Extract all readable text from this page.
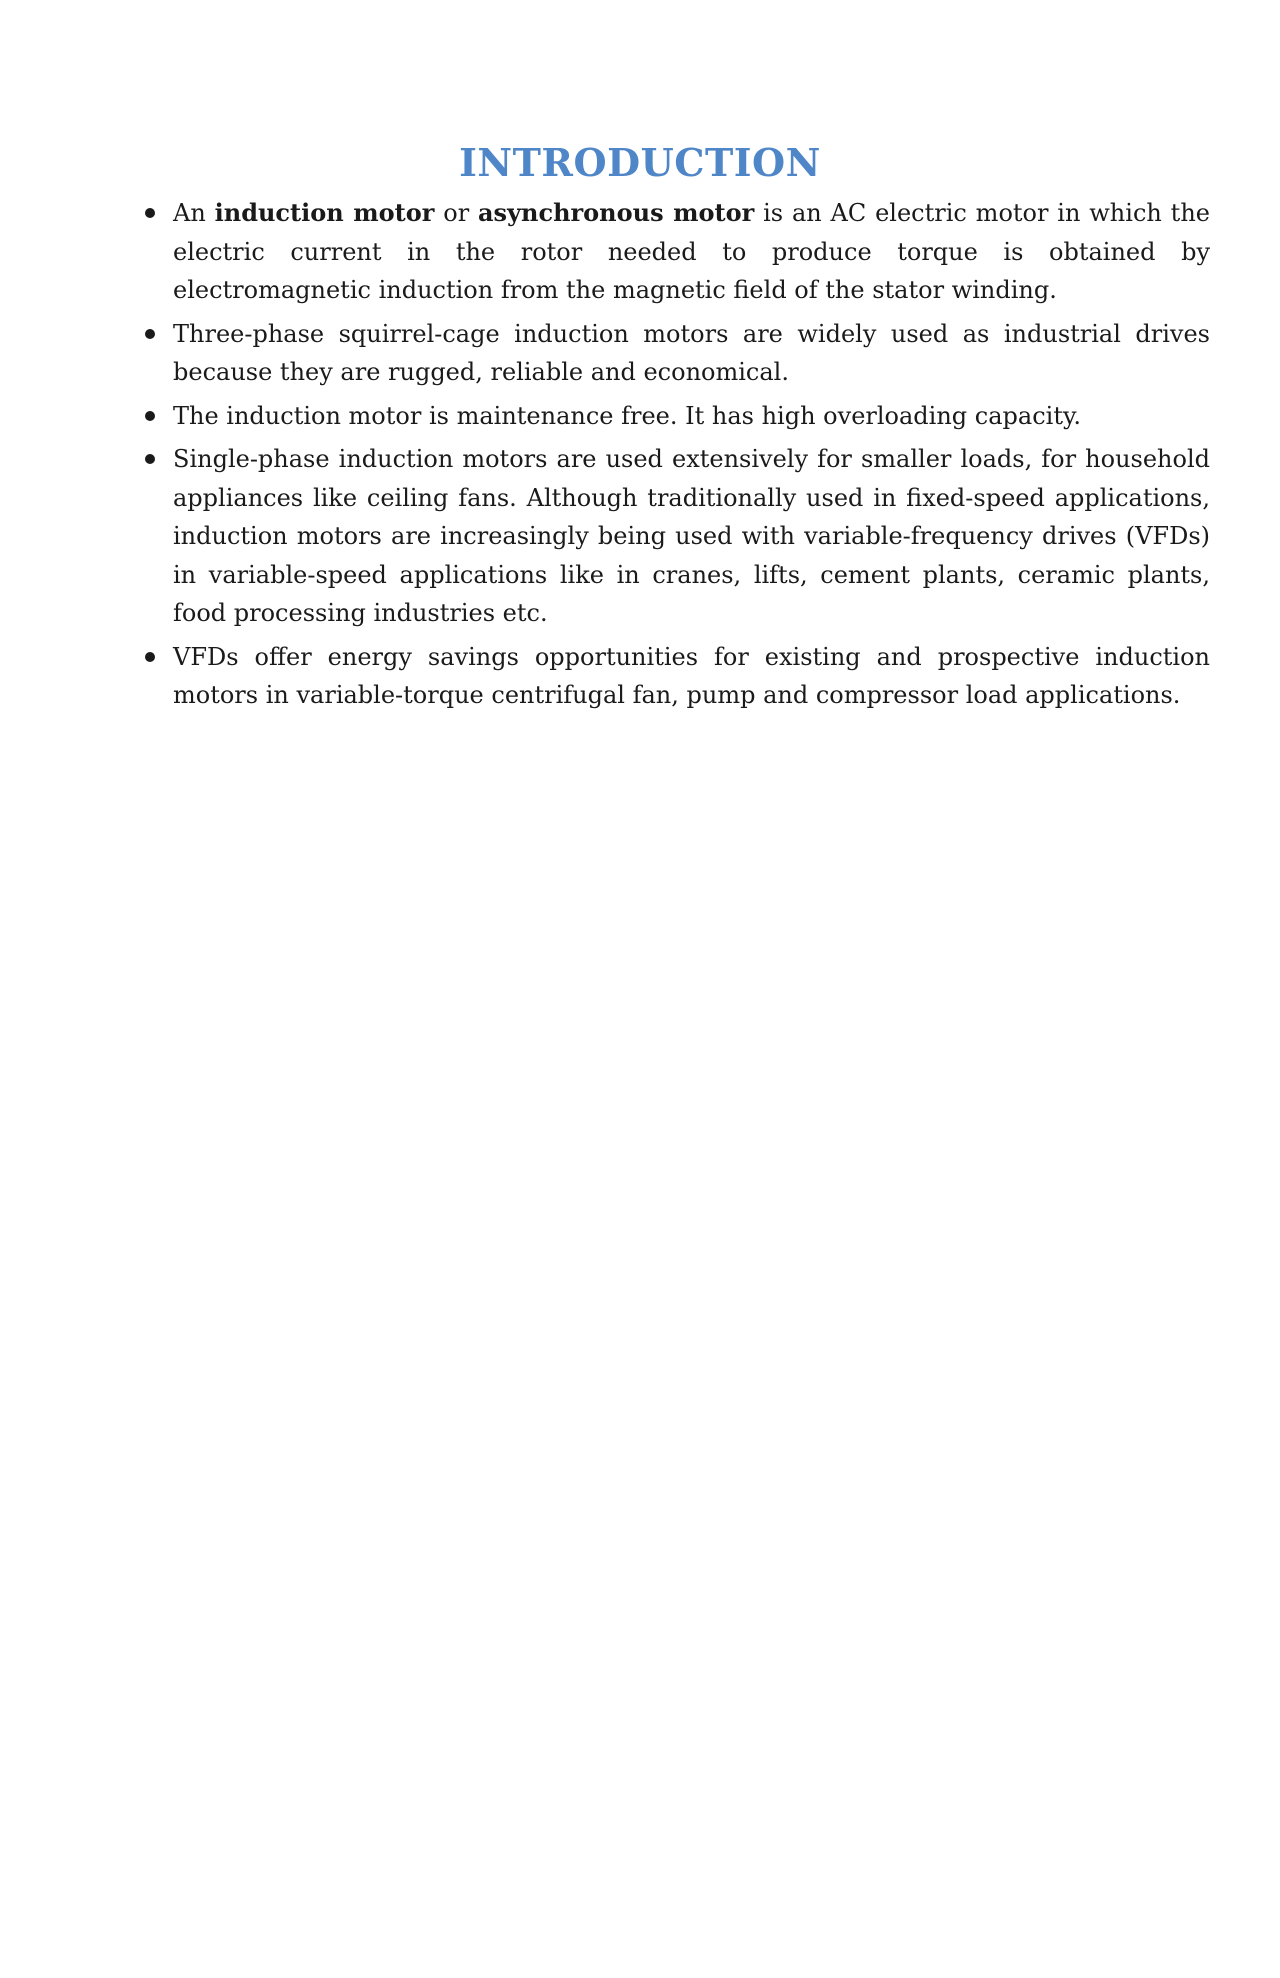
INTRODUCTION
An induction motor or asynchronous motor is an AC electric motor in which the electric current in the rotor needed to produce torque is obtained by electromagnetic induction from the magnetic field of the stator winding.
Three-phase squirrel-cage induction motors are widely used as industrial drives because they are rugged, reliable and economical.
The induction motor is maintenance free. It has high overloading capacity.
Single-phase induction motors are used extensively for smaller loads, for household appliances like ceiling fans. Although traditionally used in fixed-speed applications, induction motors are increasingly being used with variable-frequency drives (VFDs) in variable-speed applications like in cranes, lifts, cement plants, ceramic plants, food processing industries etc.
VFDs offer energy savings opportunities for existing and prospective induction motors in variable-torque centrifugal fan, pump and compressor load applications.
